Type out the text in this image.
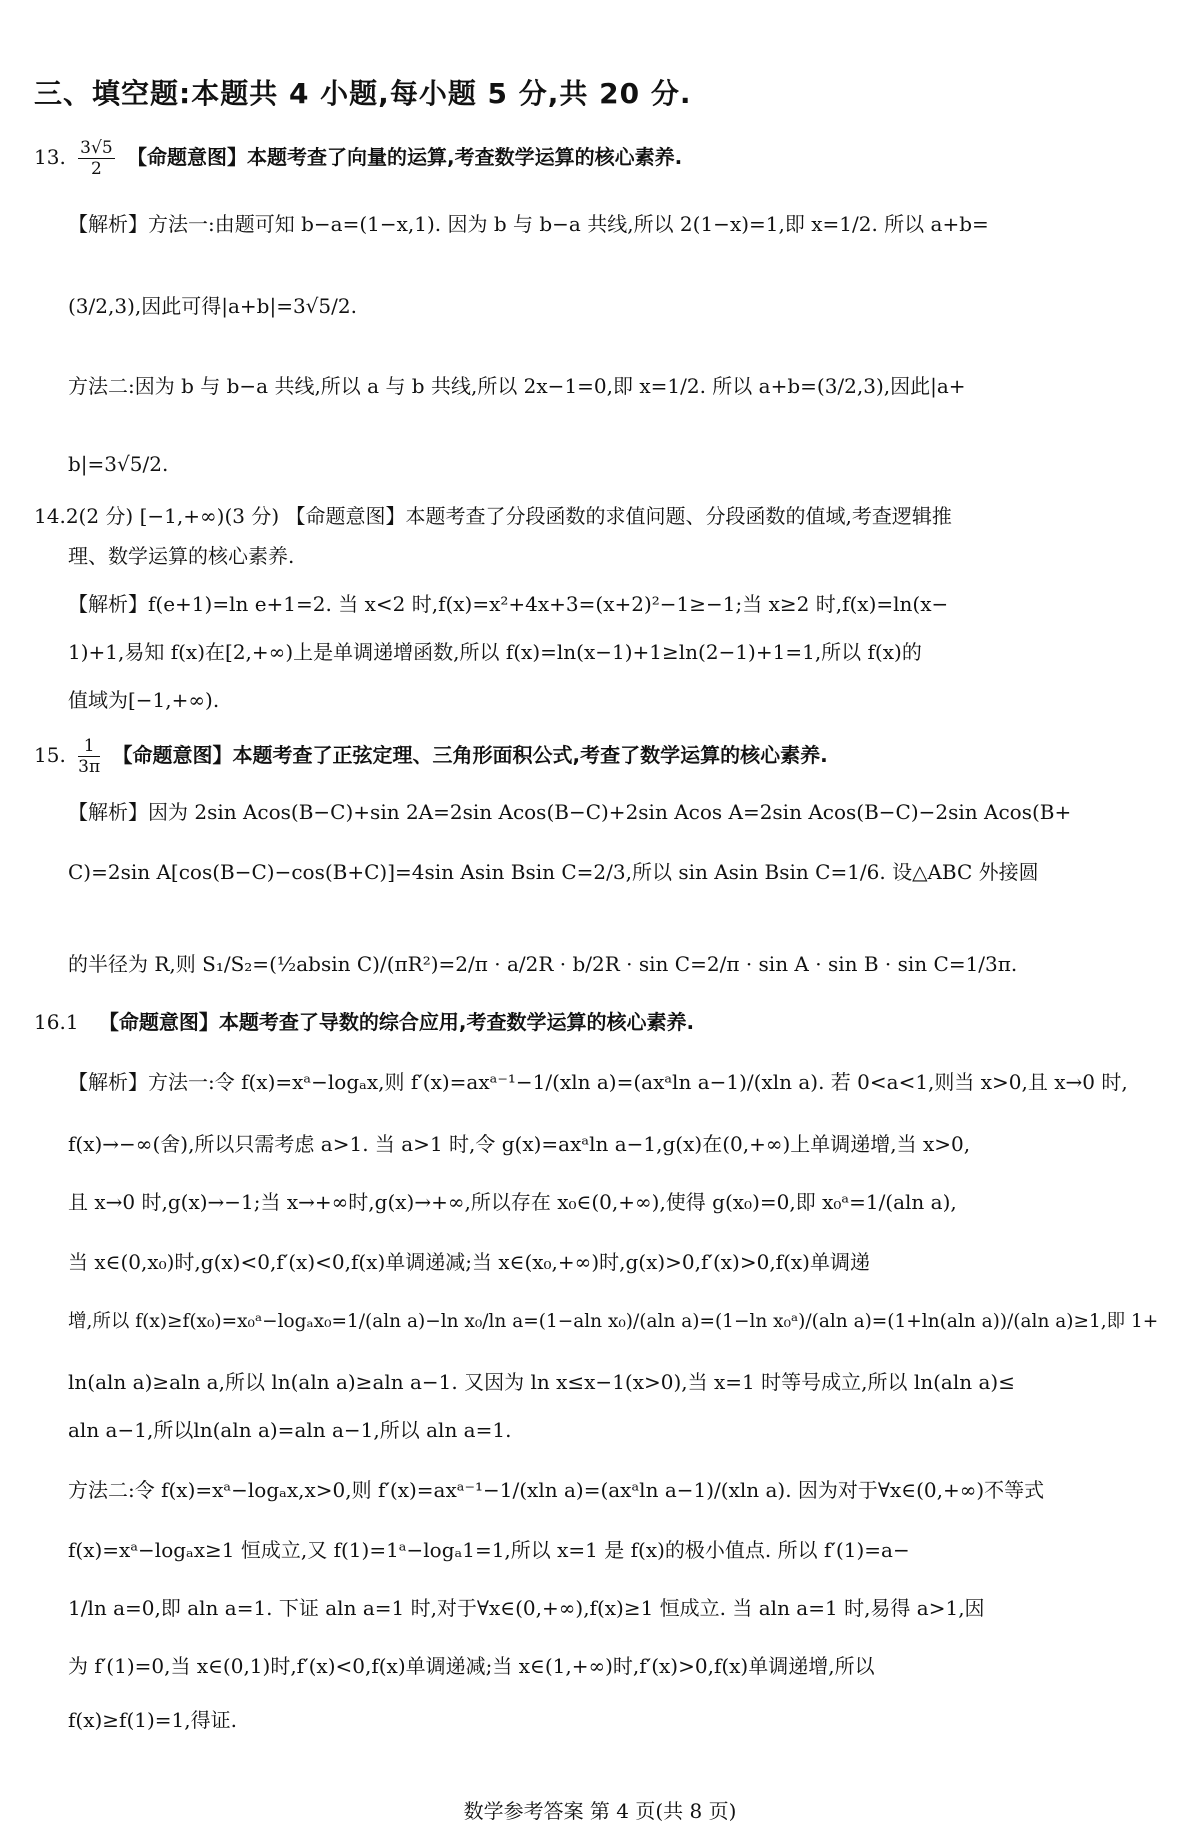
三、填空题:本题共 4 小题,每小题 5 分,共 20 分.
13. $\frac{3√5}{2}$ 【命题意图】本题考查了向量的运算,考查数学运算的核心素养.
【解析】方法一:由题可知 b−a=(1−x,1). 因为 b 与 b−a 共线,所以 2(1−x)=1,即 x=1/2. 所以 a+b=
(3/2,3),因此可得|a+b|=3√5/2.
方法二:因为 b 与 b−a 共线,所以 a 与 b 共线,所以 2x−1=0,即 x=1/2. 所以 a+b=(3/2,3),因此|a+
b|=3√5/2.
14.2(2 分) [−1,+∞)(3 分) 【命题意图】本题考查了分段函数的求值问题、分段函数的值域,考查逻辑推
理、数学运算的核心素养.
【解析】f(e+1)=ln e+1=2. 当 x<2 时,f(x)=x²+4x+3=(x+2)²−1≥−1;当 x≥2 时,f(x)=ln(x−
1)+1,易知 f(x)在[2,+∞)上是单调递增函数,所以 f(x)=ln(x−1)+1≥ln(2−1)+1=1,所以 f(x)的
值域为[−1,+∞).
15. $\frac{1}{3\pi}$ 【命题意图】本题考查了正弦定理、三角形面积公式,考查了数学运算的核心素养.
【解析】因为 2sin Acos(B−C)+sin 2A=2sin Acos(B−C)+2sin Acos A=2sin Acos(B−C)−2sin Acos(B+
C)=2sin A[cos(B−C)−cos(B+C)]=4sin Asin Bsin C=2/3,所以 sin Asin Bsin C=1/6. 设△ABC 外接圆
的半径为 R,则 S₁/S₂=(½absin C)/(πR²)=2/π · a/2R · b/2R · sin C=2/π · sin A · sin B · sin C=1/3π.
16.1 【命题意图】本题考查了导数的综合应用,考查数学运算的核心素养.
【解析】方法一:令 f(x)=xᵃ−logₐx,则 f′(x)=axᵃ⁻¹−1/(xln a)=(axᵃln a−1)/(xln a). 若 0<a<1,则当 x>0,且 x→0 时,
f(x)→−∞(舍),所以只需考虑 a>1. 当 a>1 时,令 g(x)=axᵃln a−1,g(x)在(0,+∞)上单调递增,当 x>0,
且 x→0 时,g(x)→−1;当 x→+∞时,g(x)→+∞,所以存在 x₀∈(0,+∞),使得 g(x₀)=0,即 x₀ᵃ=1/(aln a),
当 x∈(0,x₀)时,g(x)<0,f′(x)<0,f(x)单调递减;当 x∈(x₀,+∞)时,g(x)>0,f′(x)>0,f(x)单调递
增,所以 f(x)≥f(x₀)=x₀ᵃ−logₐx₀=1/(aln a)−ln x₀/ln a=(1−aln x₀)/(aln a)=(1−ln x₀ᵃ)/(aln a)=(1+ln(aln a))/(aln a)≥1,即 1+
ln(aln a)≥aln a,所以 ln(aln a)≥aln a−1. 又因为 ln x≤x−1(x>0),当 x=1 时等号成立,所以 ln(aln a)≤
aln a−1,所以ln(aln a)=aln a−1,所以 aln a=1.
方法二:令 f(x)=xᵃ−logₐx,x>0,则 f′(x)=axᵃ⁻¹−1/(xln a)=(axᵃln a−1)/(xln a). 因为对于∀x∈(0,+∞)不等式
f(x)=xᵃ−logₐx≥1 恒成立,又 f(1)=1ᵃ−logₐ1=1,所以 x=1 是 f(x)的极小值点. 所以 f′(1)=a−
1/ln a=0,即 aln a=1. 下证 aln a=1 时,对于∀x∈(0,+∞),f(x)≥1 恒成立. 当 aln a=1 时,易得 a>1,因
为 f′(1)=0,当 x∈(0,1)时,f′(x)<0,f(x)单调递减;当 x∈(1,+∞)时,f′(x)>0,f(x)单调递增,所以
f(x)≥f(1)=1,得证.
数学参考答案 第 4 页(共 8 页)
